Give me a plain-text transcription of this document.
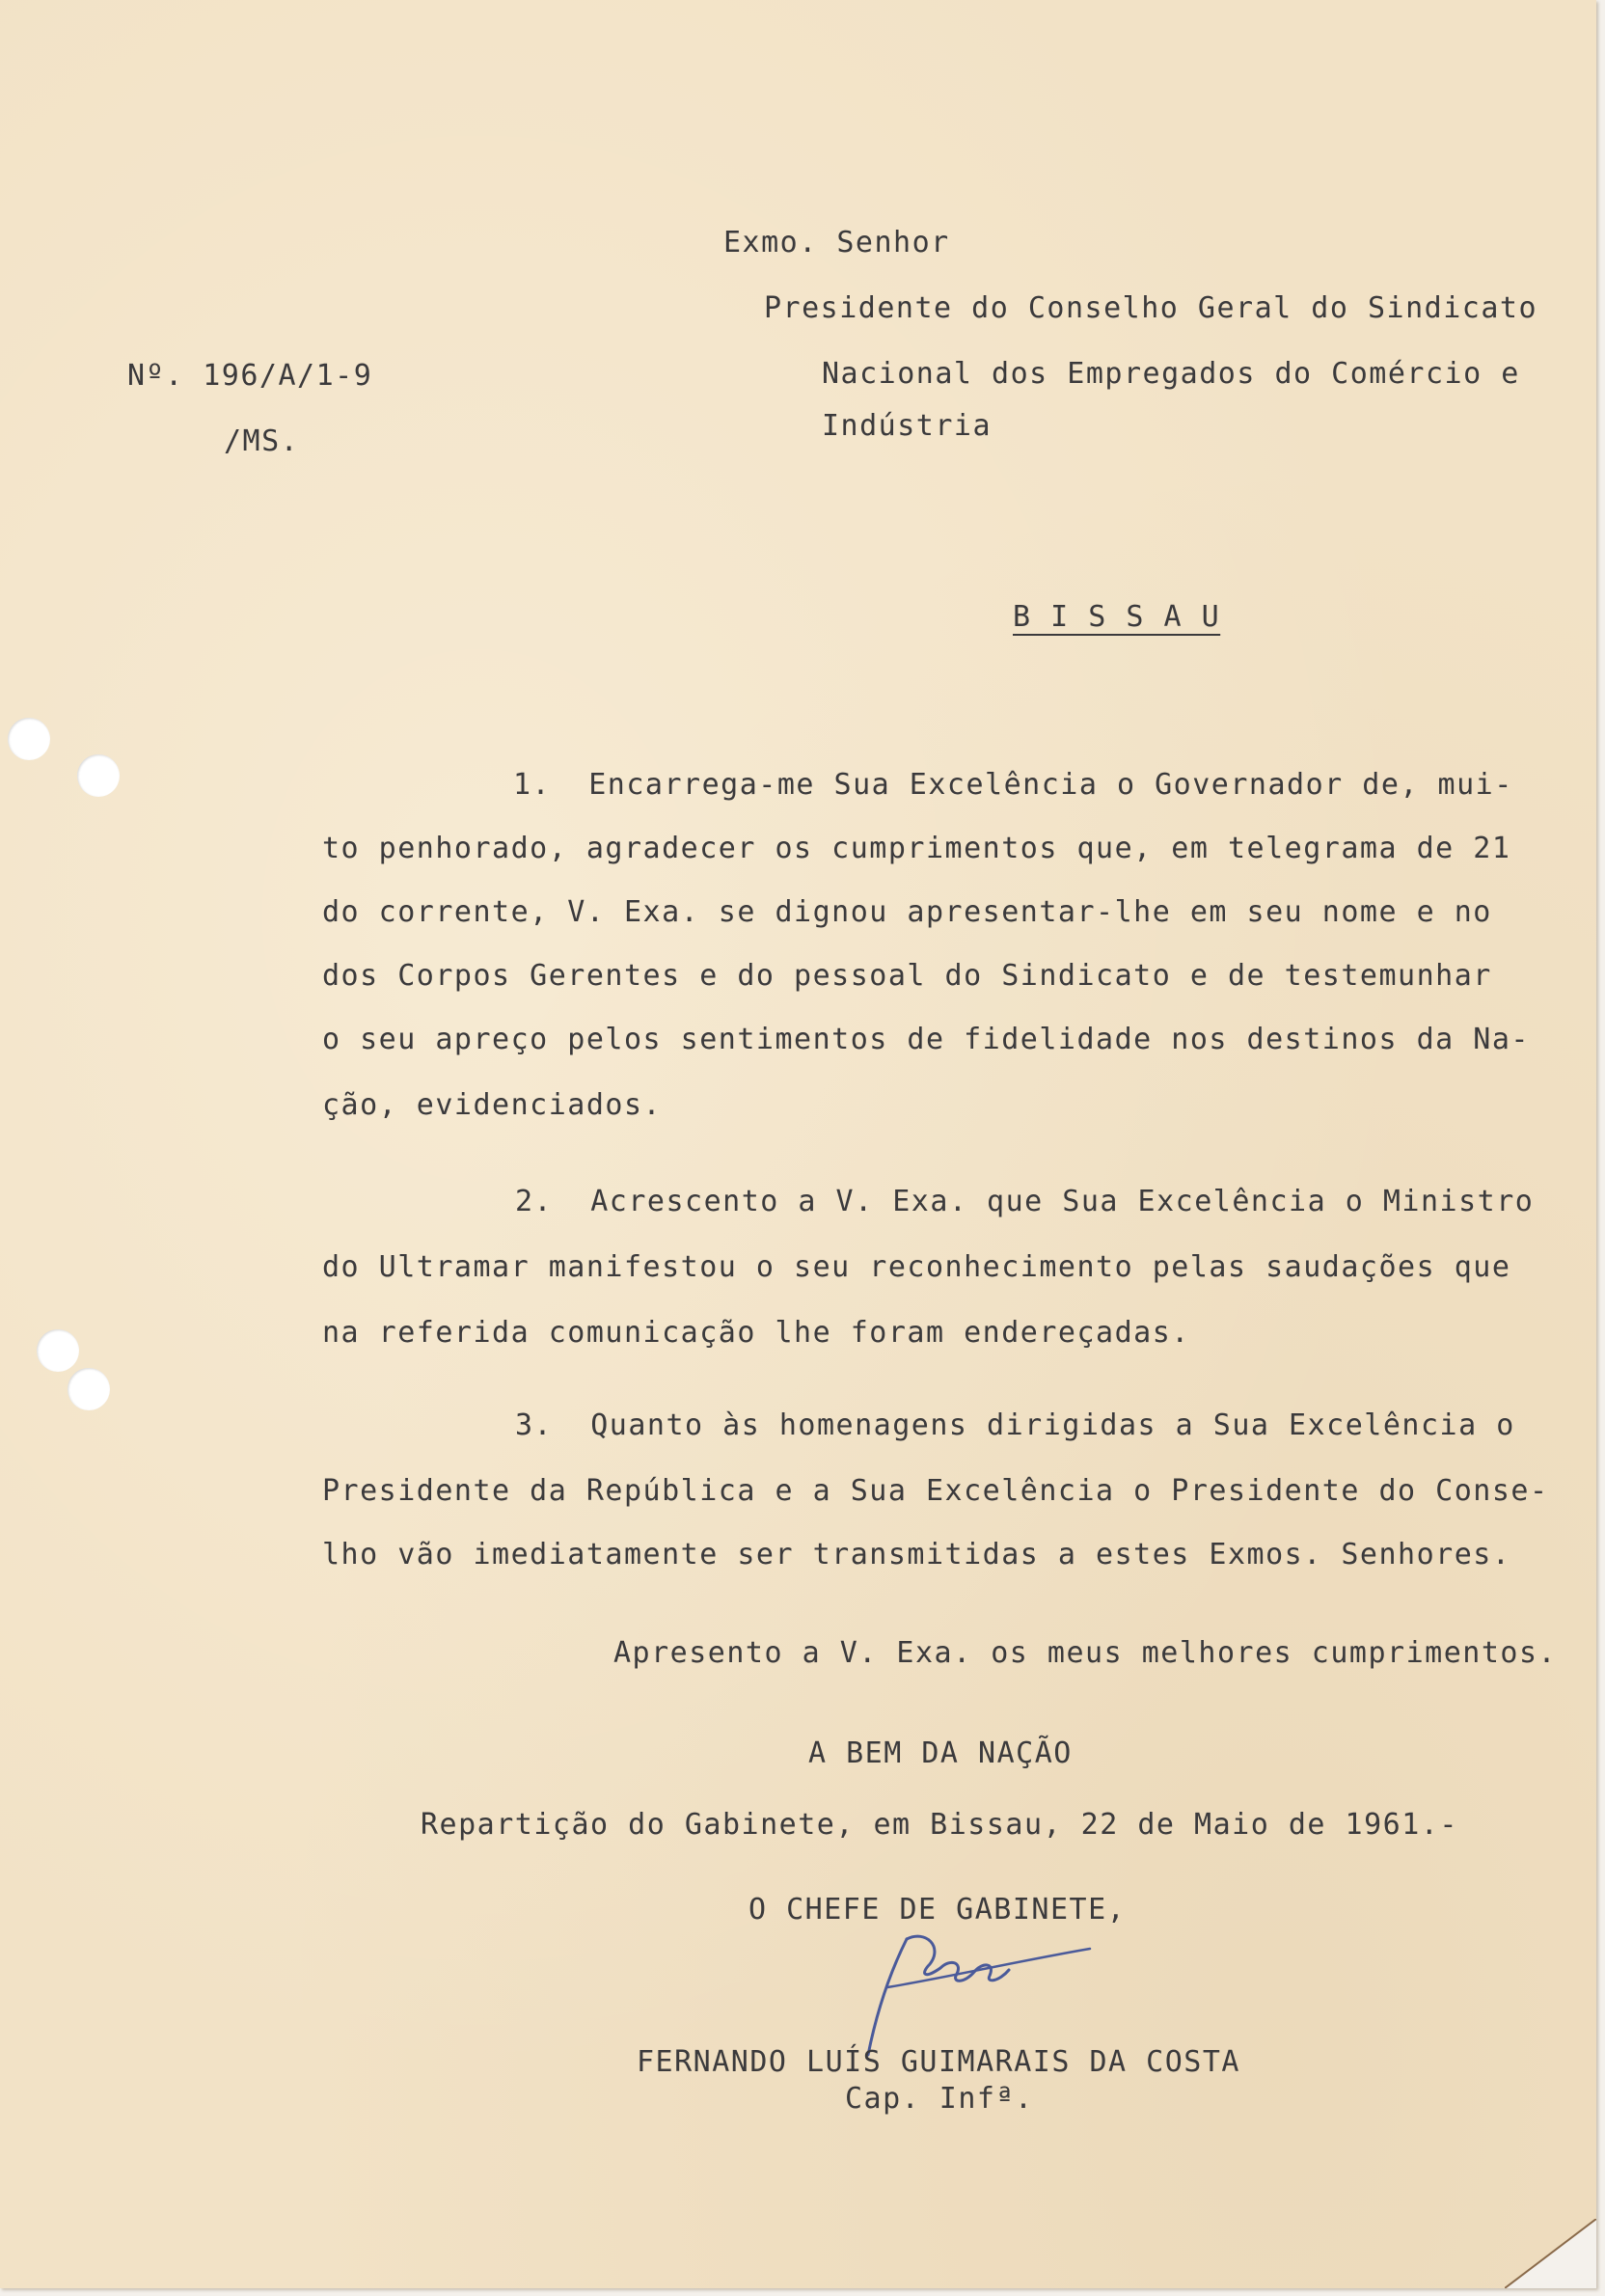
Nº. 196/A/1-9
/MS.
Exmo. Senhor
Presidente do Conselho Geral do Sindicato
Nacional dos Empregados do Comércio e
Indústria
B I S S A U
1.  Encarrega-me Sua Excelência o Governador de, mui-
to penhorado, agradecer os cumprimentos que, em telegrama de 21
do corrente, V. Exa. se dignou apresentar-lhe em seu nome e no
dos Corpos Gerentes e do pessoal do Sindicato e de testemunhar
o seu apreço pelos sentimentos de fidelidade nos destinos da Na-
ção, evidenciados.
2.  Acrescento a V. Exa. que Sua Excelência o Ministro
do Ultramar manifestou o seu reconhecimento pelas saudações que
na referida comunicação lhe foram endereçadas.
3.  Quanto às homenagens dirigidas a Sua Excelência o
Presidente da República e a Sua Excelência o Presidente do Conse-
lho vão imediatamente ser transmitidas a estes Exmos. Senhores.
Apresento a V. Exa. os meus melhores cumprimentos.
A BEM DA NAÇÃO
Repartição do Gabinete, em Bissau, 22 de Maio de 1961.-
O CHEFE DE GABINETE,
FERNANDO LUÍS GUIMARAIS DA COSTA
Cap. Infª.
